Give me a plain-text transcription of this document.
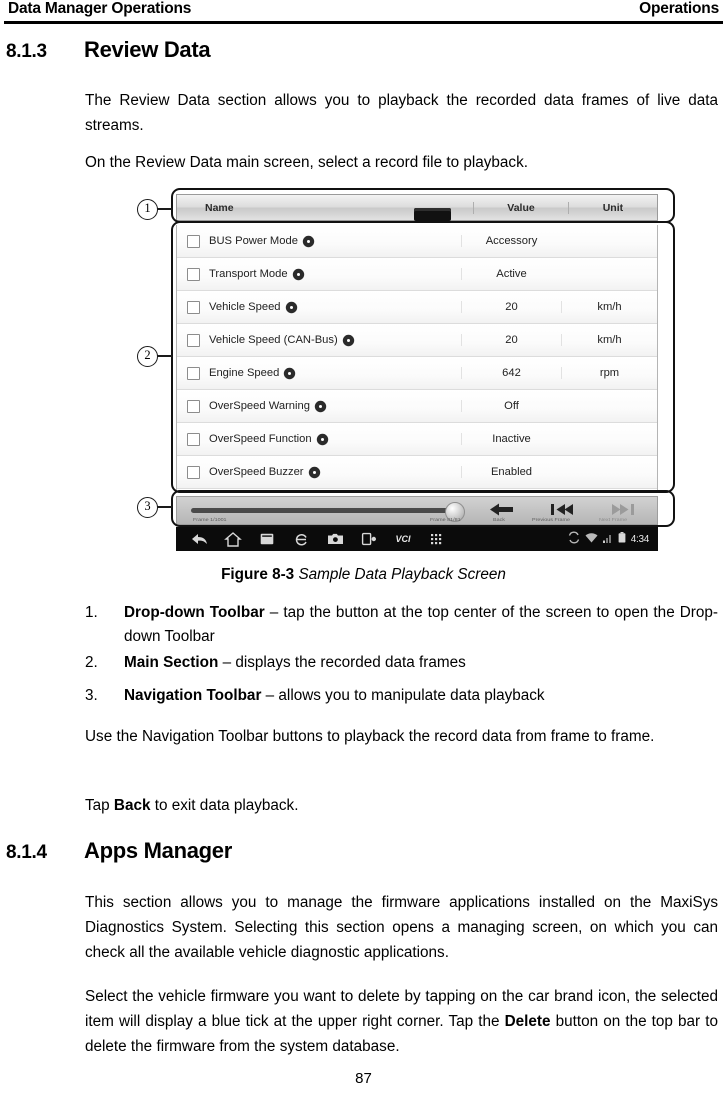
Data Manager Operations	Operations
8.1.3	Review Data
The Review Data section allows you to playback the recorded data frames of live data streams.
On the Review Data main screen, select a record file to playback.
1
2
3
Name	Value	Unit
BUS Power Mode	Accessory
Transport Mode	Active
Vehicle Speed	20	km/h
Vehicle Speed (CAN-Bus)	20	km/h
Engine Speed	642	rpm
OverSpeed Warning	Off
OverSpeed Function	Inactive
OverSpeed Buzzer	Enabled
Frame 1/1001	Frame 81/81	Back	Previous Frame	Next Frame
VCI	4:34
Figure 8-3 Sample Data Playback Screen
1.	Drop-down Toolbar – tap the button at the top center of the screen to open the Drop-down Toolbar
2.	Main Section – displays the recorded data frames
3.	Navigation Toolbar – allows you to manipulate data playback
Use the Navigation Toolbar buttons to playback the record data from frame to frame.
Tap Back to exit data playback.
8.1.4	Apps Manager
This section allows you to manage the firmware applications installed on the MaxiSys Diagnostics System. Selecting this section opens a managing screen, on which you can check all the available vehicle diagnostic applications.
Select the vehicle firmware you want to delete by tapping on the car brand icon, the selected item will display a blue tick at the upper right corner. Tap the Delete button on the top bar to delete the firmware from the system database.
87
